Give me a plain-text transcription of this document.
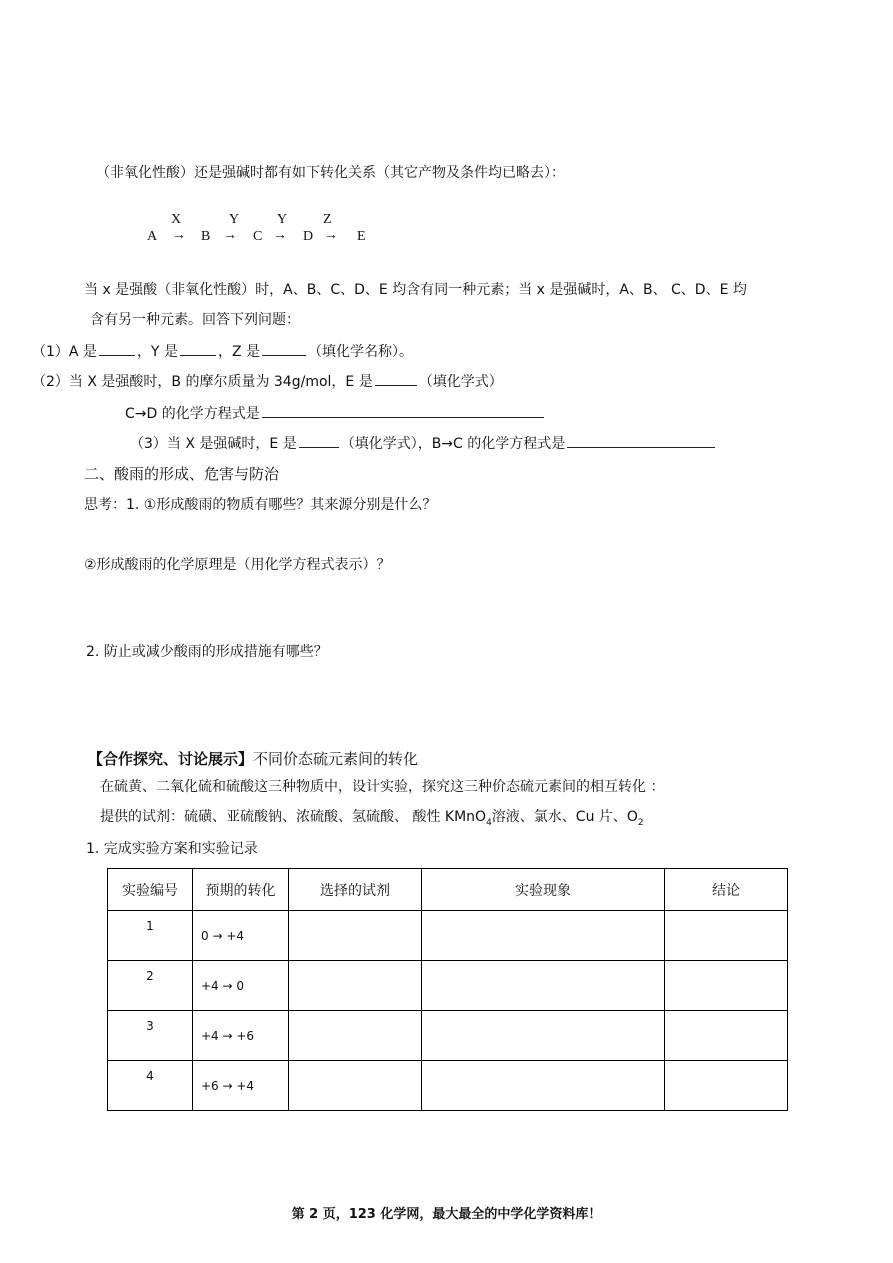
（非氧化性酸）还是强碱时都有如下转化关系（其它产物及条件均已略去）：
X	Y	Y	Z
A → B → C → D → E
当 x 是强酸（非氧化性酸）时，A、B、C、D、E 均含有同一种元素；当 x 是强碱时，A、B、 C、D、E 均
含有另一种元素。回答下列问题：
（1）A 是	，Y 是	，Z 是	（填化学名称）。
（2）当 X 是强酸时，B 的摩尔质量为 34g/mol，E 是	（填化学式）
C→D 的化学方程式是
（3）当 X 是强碱时，E 是	（填化学式），B→C 的化学方程式是
二、酸雨的形成、危害与防治
思考：1. ①形成酸雨的物质有哪些？其来源分别是什么？
②形成酸雨的化学原理是（用化学方程式表示）？
2. 防止或减少酸雨的形成措施有哪些？
【合作探究、讨论展示】不同价态硫元素间的转化
在硫黄、二氧化硫和硫酸这三种物质中，设计实验，探究这三种价态硫元素间的相互转化 ：
提供的试剂：硫磺、亚硫酸钠、浓硫酸、氢硫酸、 酸性 KMnO$_4$溶液、氯水、Cu 片、$O_2$
1. 完成实验方案和实验记录
实验编号	预期的转化	选择的试剂	实验现象	结论
1	0 → +4			
2	+4 → 0			
3	+4 → +6			
4	+6 → +4			
第 2 页，123 化学网，最大最全的中学化学资料库！
